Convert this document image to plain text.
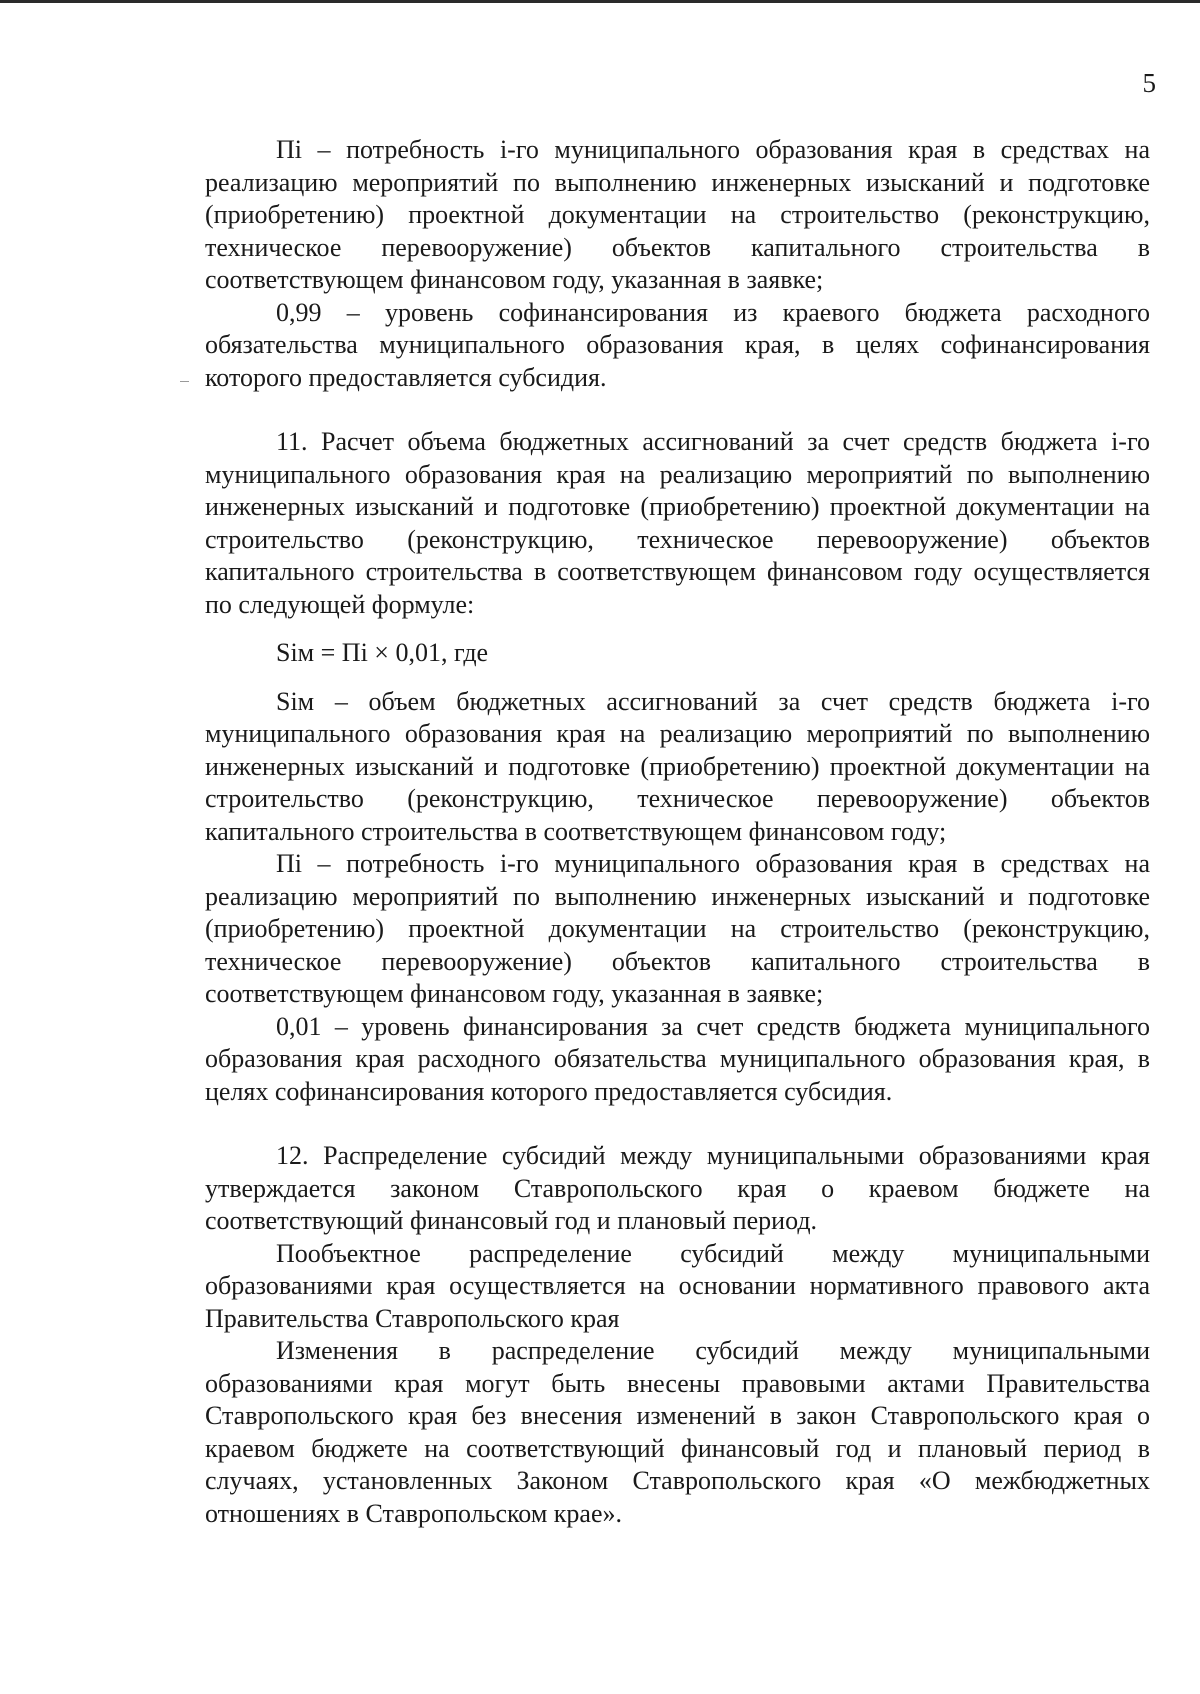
5

Пi – потребность i-го муниципального образования края в средствах на реализацию мероприятий по выполнению инженерных изысканий и подготовке (приобретению) проектной документации на строительство (реконструкцию, техническое перевооружение) объектов капитального строительства в соответствующем финансовом году, указанная в заявке;

0,99 – уровень софинансирования из краевого бюджета расходного обязательства муниципального образования края, в целях софинансирования которого предоставляется субсидия.

11. Расчет объема бюджетных ассигнований за счет средств бюджета i-го муниципального образования края на реализацию мероприятий по выполнению инженерных изысканий и подготовке (приобретению) проектной документации на строительство (реконструкцию, техническое перевооружение) объектов капитального строительства в соответствующем финансовом году осуществляется по следующей формуле:

Siм = Пi × 0,01, где

Siм – объем бюджетных ассигнований за счет средств бюджета i-го муниципального образования края на реализацию мероприятий по выполнению инженерных изысканий и подготовке (приобретению) проектной документации на строительство (реконструкцию, техническое перевооружение) объектов капитального строительства в соответствующем финансовом году;

Пi – потребность i-го муниципального образования края в средствах на реализацию мероприятий по выполнению инженерных изысканий и подготовке (приобретению) проектной документации на строительство (реконструкцию, техническое перевооружение) объектов капитального строительства в соответствующем финансовом году, указанная в заявке;

0,01 – уровень финансирования за счет средств бюджета муниципального образования края расходного обязательства муниципального образования края, в целях софинансирования которого предоставляется субсидия.

12. Распределение субсидий между муниципальными образованиями края утверждается законом Ставропольского края о краевом бюджете на соответствующий финансовый год и плановый период.

Пообъектное распределение субсидий между муниципальными образованиями края осуществляется на основании нормативного правового акта Правительства Ставропольского края

Изменения в распределение субсидий между муниципальными образованиями края могут быть внесены правовыми актами Правительства Ставропольского края без внесения изменений в закон Ставропольского края о краевом бюджете на соответствующий финансовый год и плановый период в случаях, установленных Законом Ставропольского края «О межбюджетных отношениях в Ставропольском крае».
